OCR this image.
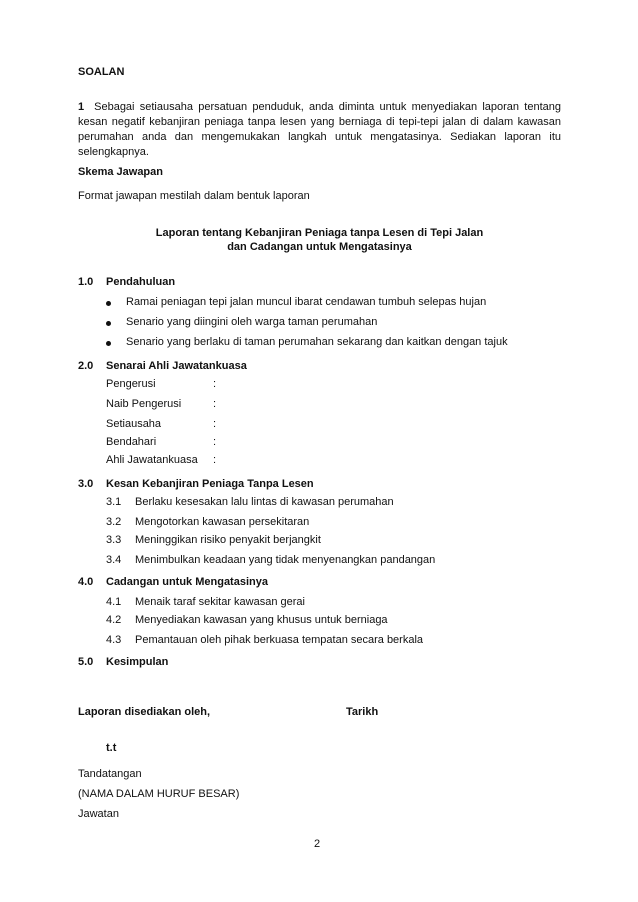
SOALAN
1 Sebagai setiausaha persatuan penduduk, anda diminta untuk menyediakan laporan tentang kesan negatif kebanjiran peniaga tanpa lesen yang berniaga di tepi-tepi jalan di dalam kawasan perumahan anda dan mengemukakan langkah untuk mengatasinya. Sediakan laporan itu selengkapnya.
Skema Jawapan
Format jawapan mestilah dalam bentuk laporan
Laporan tentang Kebanjiran Peniaga tanpa Lesen di Tepi Jalan
dan Cadangan untuk Mengatasinya
1.0 Pendahuluan
Ramai peniagan tepi jalan muncul ibarat cendawan tumbuh selepas hujan
Senario yang diingini oleh warga taman perumahan
Senario yang berlaku di taman perumahan sekarang dan kaitkan dengan tajuk
2.0 Senarai Ahli Jawatankuasa
Pengerusi	:
Naib Pengerusi	:
Setiausaha	:
Bendahari	:
Ahli Jawatankuasa :
3.0 Kesan Kebanjiran Peniaga Tanpa Lesen
3.1 Berlaku kesesakan lalu lintas di kawasan perumahan
3.2 Mengotorkan kawasan persekitaran
3.3 Meninggikan risiko penyakit berjangkit
3.4 Menimbulkan keadaan yang tidak menyenangkan pandangan
4.0 Cadangan untuk Mengatasinya
4.1 Menaik taraf sekitar kawasan gerai
4.2 Menyediakan kawasan yang khusus untuk berniaga
4.3 Pemantauan oleh pihak berkuasa tempatan secara berkala
5.0 Kesimpulan
Laporan disediakan oleh,	Tarikh
t.t
Tandatangan
(NAMA DALAM HURUF BESAR)
Jawatan
2
